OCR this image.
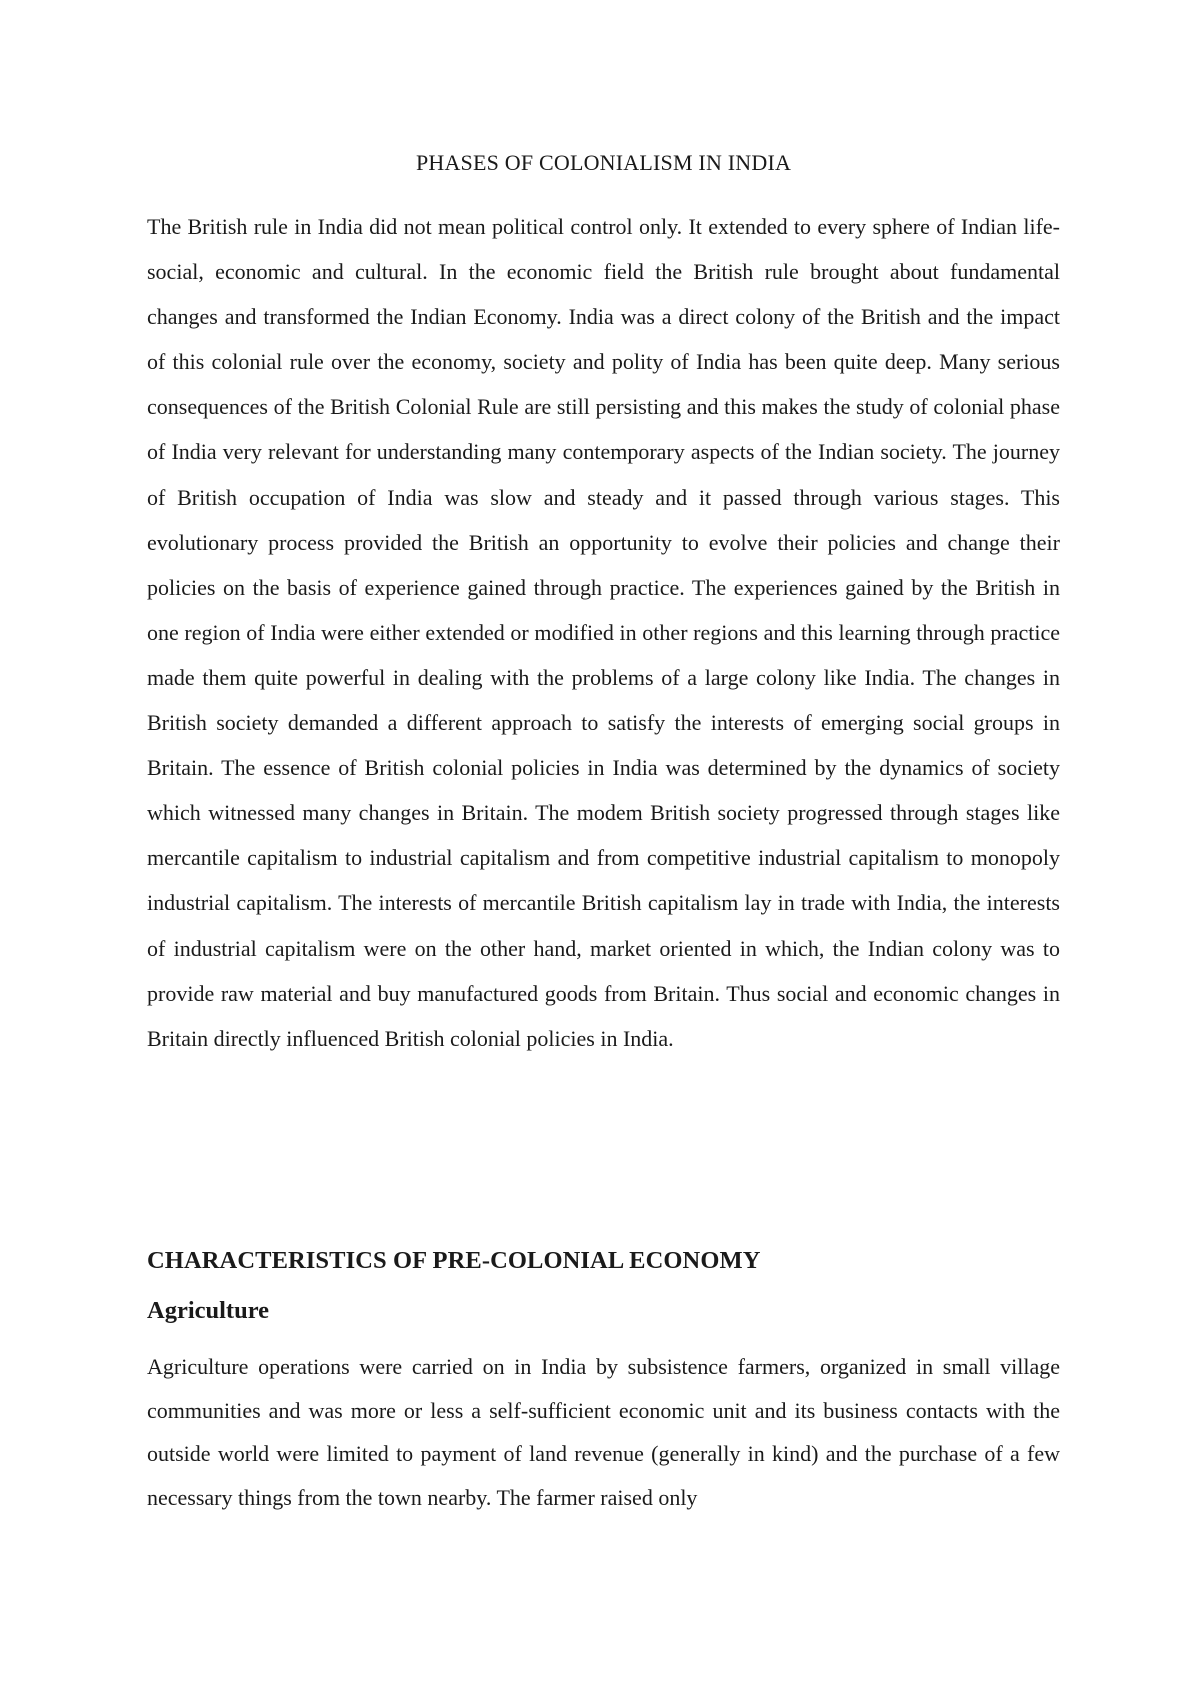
PHASES OF COLONIALISM IN INDIA

The British rule in India did not mean political control only. It extended to every sphere of Indian life-social, economic and cultural. In the economic field the British rule brought about fundamental changes and transformed the Indian Economy. India was a direct colony of the British and the impact of this colonial rule over the economy, society and polity of India has been quite deep. Many serious consequences of the British Colonial Rule are still persisting and this makes the study of colonial phase of India very relevant for understanding many contemporary aspects of the Indian society. The journey of British occupation of India was slow and steady and it passed through various stages. This evolutionary process provided the British an opportunity to evolve their policies and change their policies on the basis of experience gained through practice. The experiences gained by the British in one region of India were either extended or modified in other regions and this learning through practice made them quite powerful in dealing with the problems of a large colony like India. The changes in British society demanded a different approach to satisfy the interests of emerging social groups in Britain. The essence of British colonial policies in India was determined by the dynamics of society which witnessed many changes in Britain. The modem British society progressed through stages like mercantile capitalism to industrial capitalism and from competitive industrial capitalism to monopoly industrial capitalism. The interests of mercantile British capitalism lay in trade with India, the interests of industrial capitalism were on the other hand, market oriented in which, the Indian colony was to provide raw material and buy manufactured goods from Britain. Thus social and economic changes in Britain directly influenced British colonial policies in India.

CHARACTERISTICS OF PRE-COLONIAL ECONOMY
Agriculture

Agriculture operations were carried on in India by subsistence farmers, organized in small village communities and was more or less a self-sufficient economic unit and its business contacts with the outside world were limited to payment of land revenue (generally in kind) and the purchase of a few necessary things from the town nearby. The farmer raised only
